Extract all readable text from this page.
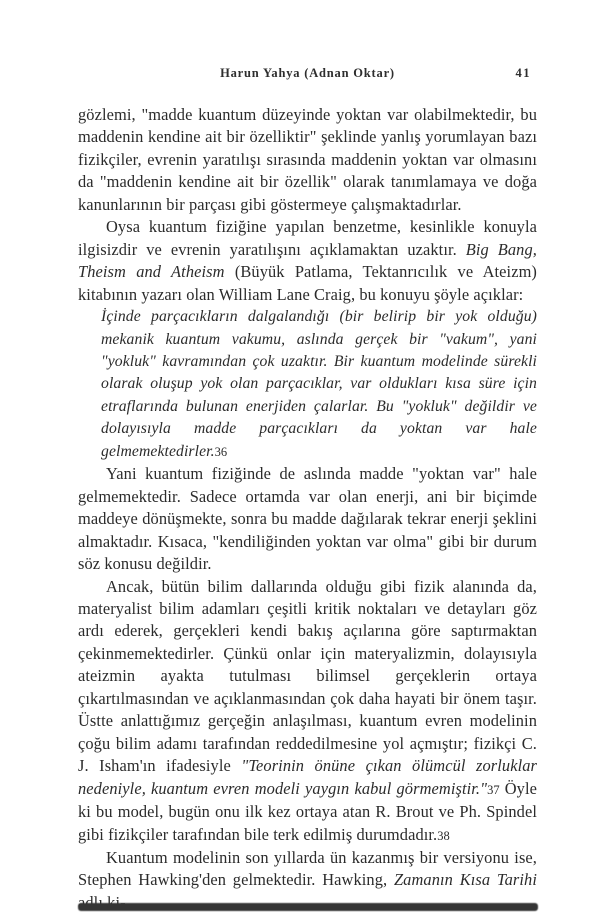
Harun Yahya (Adnan Oktar)	41

gözlemi, "madde kuantum düzeyinde yoktan var olabilmektedir, bu maddenin kendine ait bir özelliktir" şeklinde yanlış yorumlayan bazı fizikçiler, evrenin yaratılışı sırasında maddenin yoktan var olmasını da "maddenin kendine ait bir özellik" olarak tanımlamaya ve doğa kanunlarının bir parçası gibi göstermeye çalışmaktadırlar.

Oysa kuantum fiziğine yapılan benzetme, kesinlikle konuyla ilgisizdir ve evrenin yaratılışını açıklamaktan uzaktır. Big Bang, Theism and Atheism (Büyük Patlama, Tektanrıcılık ve Ateizm) kitabının yazarı olan William Lane Craig, bu konuyu şöyle açıklar:

İçinde parçacıkların dalgalandığı (bir belirip bir yok olduğu) mekanik kuantum vakumu, aslında gerçek bir "vakum", yani "yokluk" kavramından çok uzaktır. Bir kuantum modelinde sürekli olarak oluşup yok olan parçacıklar, var oldukları kısa süre için etraflarında bulunan enerjiden çalarlar. Bu "yokluk" değildir ve dolayısıyla madde parçacıkları da yoktan var hale gelmemektedirler.36

Yani kuantum fiziğinde de aslında madde "yoktan var" hale gelmemektedir. Sadece ortamda var olan enerji, ani bir biçimde maddeye dönüşmekte, sonra bu madde dağılarak tekrar enerji şeklini almaktadır. Kısaca, "kendiliğinden yoktan var olma" gibi bir durum söz konusu değildir.

Ancak, bütün bilim dallarında olduğu gibi fizik alanında da, materyalist bilim adamları çeşitli kritik noktaları ve detayları göz ardı ederek, gerçekleri kendi bakış açılarına göre saptırmaktan çekinmemektedirler. Çünkü onlar için materyalizmin, dolayısıyla ateizmin ayakta tutulması bilimsel gerçeklerin ortaya çıkartılmasından ve açıklanmasından çok daha hayati bir önem taşır. Üstte anlattığımız gerçeğin anlaşılması, kuantum evren modelinin çoğu bilim adamı tarafından reddedilmesine yol açmıştır; fizikçi C. J. Isham'ın ifadesiyle "Teorinin önüne çıkan ölümcül zorluklar nedeniyle, kuantum evren modeli yaygın kabul görmemiştir."37 Öyle ki bu model, bugün onu ilk kez ortaya atan R. Brout ve Ph. Spindel gibi fizikçiler tarafından bile terk edilmiş durumdadır.38

Kuantum modelinin son yıllarda ün kazanmış bir versiyonu ise, Stephen Hawking'den gelmektedir. Hawking, Zamanın Kısa Tarihi
